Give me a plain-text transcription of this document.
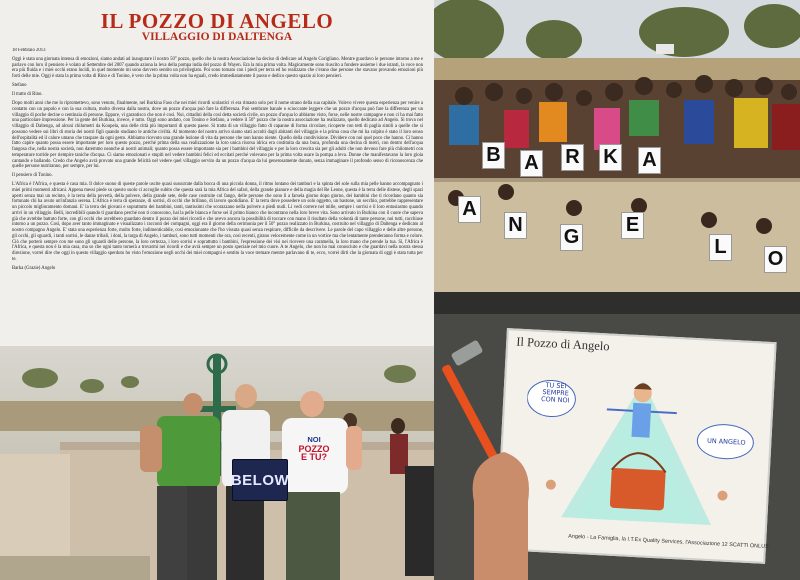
IL POZZO DI ANGELO
VILLAGGIO DI DALTENGA

18 Febbraio 2013

Oggi è stata una giornata intensa di emozioni, siamo andati ad inaugurare il nostro 50° pozzo, quello che la nostra Associazione ha deciso di dedicare ad Angelo Corigliano. Mentre guardavo le persone intorno a me e parlavo con loro il pensiero è volato al Settembre del 2007 quando aziona la leva della pompa india del pozzo di Wayen. Era la mia prima volta. Magicamente sono riuscito a fondere assieme i due istanti, la voce non era più fluida e i miei occhi erano lucidi, in quel momento mi sono davvero sentito un privilegiato. Poi sono tornato con i piedi per terra ed ho realizzato che c'erano due persone che stavano provando emozioni più forti delle mie. Oggi è stata la prima volta di Rino e di Tonino, è vero che la prima volta non ha eguali, credo immediatamente il passo e dedico questo spazio ai loro pensieri.

Stefano

Il tratto di Rino.

Dopo molti anni che me lo ripromettevo, sono venuto, finalmente, nel Burkina Faso che nei miei ricordi scolastici vi era rimasto solo per il nome strano della sua capitale. Volevo vivere questa esperienza per venire a contatto con un popolo e con la sua cultura, molto diversa dalla nostra, dove un pozzo d'acqua può fare la differenza. Può sembrare banale o scioccante leggere che un pozzo d'acqua può fare la differenza per un villaggio di poche decine o centinaia di persone. Eppure, vi garantisco che non è così. Noi, cittadini della così detta società civile, un pozzo d'acqua lo abbiamo visto, forse, nelle nostre campagne e non ci ha mai fatto una particolare impressione. Per la gente del Burkina, invece, è tutto. Oggi sono andato, con Tonino e Stefano, a vedere il 50° pozzo che la nostra associazione ha realizzato, quello dedicato ad Angelo. Si trova nel villaggio di Daltenga, ad alcuni chilometri da Koupela, una delle città più importanti di questo paese. Si tratta di un villaggio fatto di capanne di forma circolare, ricoperte con tetti di paglia simili a quelle che si possono vedere sui libri di storia dei nostri figli quando studiano le antiche civiltà. Al momento del nostro arrivo siamo stati accolti dagli abitanti del villaggio e la prima cosa che mi ha colpito è stato il loro senso dell'ospitalità ed il calore umano che traspare da ogni gesto. Abbiamo ricevuto una grande lezione di vita da persone che non hanno niente. Quello della condivisione. Dividere con noi quel poco che hanno. Ci hanno fatto capire quanto possa essere importante per loro questo pozzo, perché prima della sua realizzazione la loro unica risorsa idrica era costituita da una buca, profonda una decina di metri, con dentro dell'acqua fangosa che, nella nostra società, non daremmo neanche ai nostri animali; quanto possa essere importante sia per i bambini del villaggio e per la loro crescita sia per gli adulti che non devono fare più chilometri con temperature torride per riempire taniche d'acqua. Ci siamo emozionati e stupiti nel vedere bambini felici ed eccitati perché volevano per la prima volta usare la pompa a leva. Donne che manifestavano la loro gioia cantando e ballando. Credo che Angelo avrà provato una grande felicità nel vedere quel villaggio servito da un pozzo d'acqua da lui generosamente donato, senza immaginare il profondo senso di riconoscenza che quelle persone nutriranno, per sempre, per lui.

Il pensiero di Tonino.

L'Africa è l'Africa, e questa è casa mia. Il dolce suono di queste parole uscite quasi sussurrate dalla bocca di una piccola donna, il ritmo lontano dei tamburi e la spinta del sole sulla mia pelle hanno accompagnato i miei primi momenti africani. Appena messi piede su questo suolo ci accoglie subito che questa sarà la mia Africa del safari, della grande pianure e della magia del Re Leone, questa è la terra delle distese, degli spazi aperti senza mai un recinto, è la terra della povertà, della polvere, della grande sete, delle case costruite col fango, delle persone che sono lì a farsela giorno dopo giorno, dei bambini che ti ricordano quanto sia fortunato chi ha avuto un'infanzia serena. L'Africa è terra di speranze, di sorrisi, di occhi che brillano, di lavoro quotidiano. E' la terra dove possedere un solo oggetto, un bastone, un secchio, potrebbe rappresentare un piccolo miglioramento domani. E' la terra dei giovani e soprattutto dei bambini, tanti, tantissimi che scorazzano nella polvere a piedi nudi. Li vedi correre nel mille, sempre i sorrisi e il loro entusiasmo quando arrivi in un villaggio. Belli, incredibili quando ti guardano perché non ti conoscono, hai la pelle bianca e forse sei il primo bianco che incontrano nella loro breve vita. Sono arrivato in Burkina con il cuore che sapeva già che avrebbe battuto forte, con gli occhi che avrebbero guardato dentro il pozzo dei miei ricordi e che avevo ancora la possibilità di toccare con mano il risultato della volontà di tante persone, noi tutti, racchiuse intorno a un pozzo. Così, dopo aver tanto immaginato e visualizzato i racconti dei compagni, oggi era il giorno della cerimonia per il 50° pozzo realizzato in Burkina, costruito nel villaggio di Daltenga e dedicato al nostro compagno Angelo. E' stata una esperienza forte, molto forte, indimenticabile, così emozionante che l'ho vissuta quasi senza respirare, difficile da descrivere. Le parole del capo villaggio e delle altre persone, gli occhi, gli sguardi, i tanti sorrisi, le danze tribali, i doni, la targa di Angelo, i tamburi, sono tutti momenti che ora, così recenti, girano velocemente come in un vortice ma che lentamente prenderanno forma e colore. Ciò che porterò sempre con me sono gli sguardi delle persone, la loro certezza, i loro sorrisi e soprattutto i bambini, l'espressione dei visi nei ricevere una caramella, la loro mano che prende la tua. Sì, l'Africa è l'Africa, e questa non è la mia casa, ma so che ogni tanto tornerà a trovarmi nei ricordi e che avrà sempre un posto speciale nel mio cuore. A te Angelo, che non ho mai conosciuto e che guardavi nella nostra stessa direzione, vorrei dire che oggi in questo villaggio sperduto ho visto l'emozione negli occhi dei miei compagni e sentito la voce tremare mentre parlavano di te, ecco, vorrei dirti che la giornata di oggi è stata tutta per te.

Barka (Grazie) Angelo

BELOW
NOI
POZZO
E TU?
B A R K A
A
N
G
E
L
O
Il Pozzo di Angelo
TU SEI
SEMPRE
CON NOI
UN ANGELO
Angelo - La Famiglia, la I.T.Ex Quality Services, l'Associazione 12 SCATTI ONLUS
